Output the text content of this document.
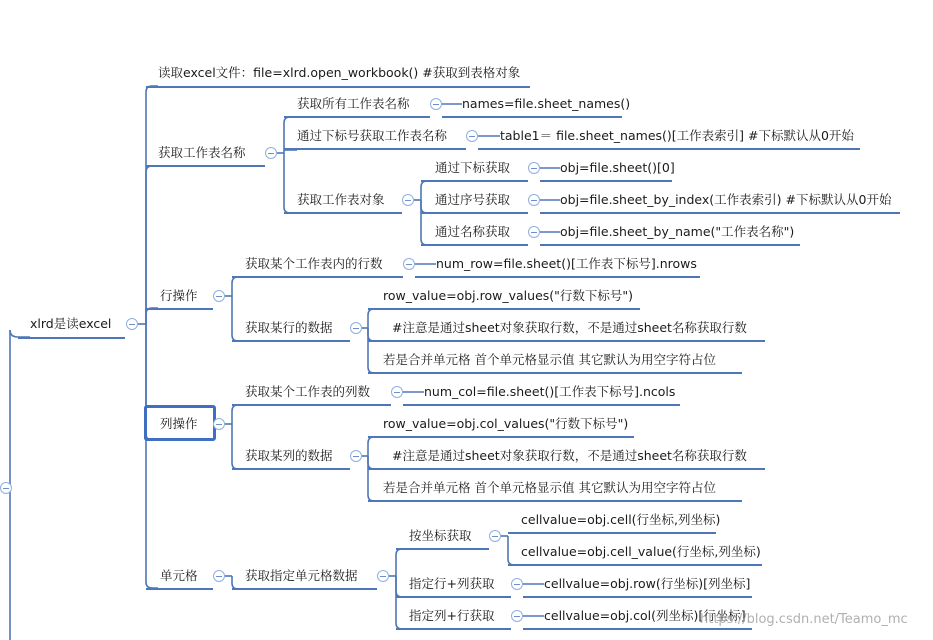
xlrd是读excel
读取excel文件：file=xlrd.open_workbook() #获取到表格对象
获取工作表名称
行操作
列操作
单元格
获取所有工作表名称	names=file.sheet_names()
通过下标号获取工作表名称	table1＝ file.sheet_names()[工作表索引] #下标默认从0开始
获取工作表对象
通过下标获取	obj=file.sheet()[0]
通过序号获取	obj=file.sheet_by_index(工作表索引) #下标默认从0开始
通过名称获取	obj=file.sheet_by_name("工作表名称")
获取某个工作表内的行数	num_row=file.sheet()[工作表下标号].nrows
获取某行的数据
row_value=obj.row_values("行数下标号")
#注意是通过sheet对象获取行数，不是通过sheet名称获取行数
若是合并单元格 首个单元格显示值 其它默认为用空字符占位
获取某个工作表的列数	num_col=file.sheet()[工作表下标号].ncols
获取某列的数据
row_value=obj.col_values("行数下标号")
#注意是通过sheet对象获取行数，不是通过sheet名称获取行数
若是合并单元格 首个单元格显示值 其它默认为用空字符占位
获取指定单元格数据
按坐标获取
cellvalue=obj.cell(行坐标,列坐标)
cellvalue=obj.cell_value(行坐标,列坐标)
指定行+列获取	cellvalue=obj.row(行坐标)[列坐标]
指定列+行获取	cellvalue=obj.col(列坐标)[行坐标]
https://blog.csdn.net/Teamo_mc
